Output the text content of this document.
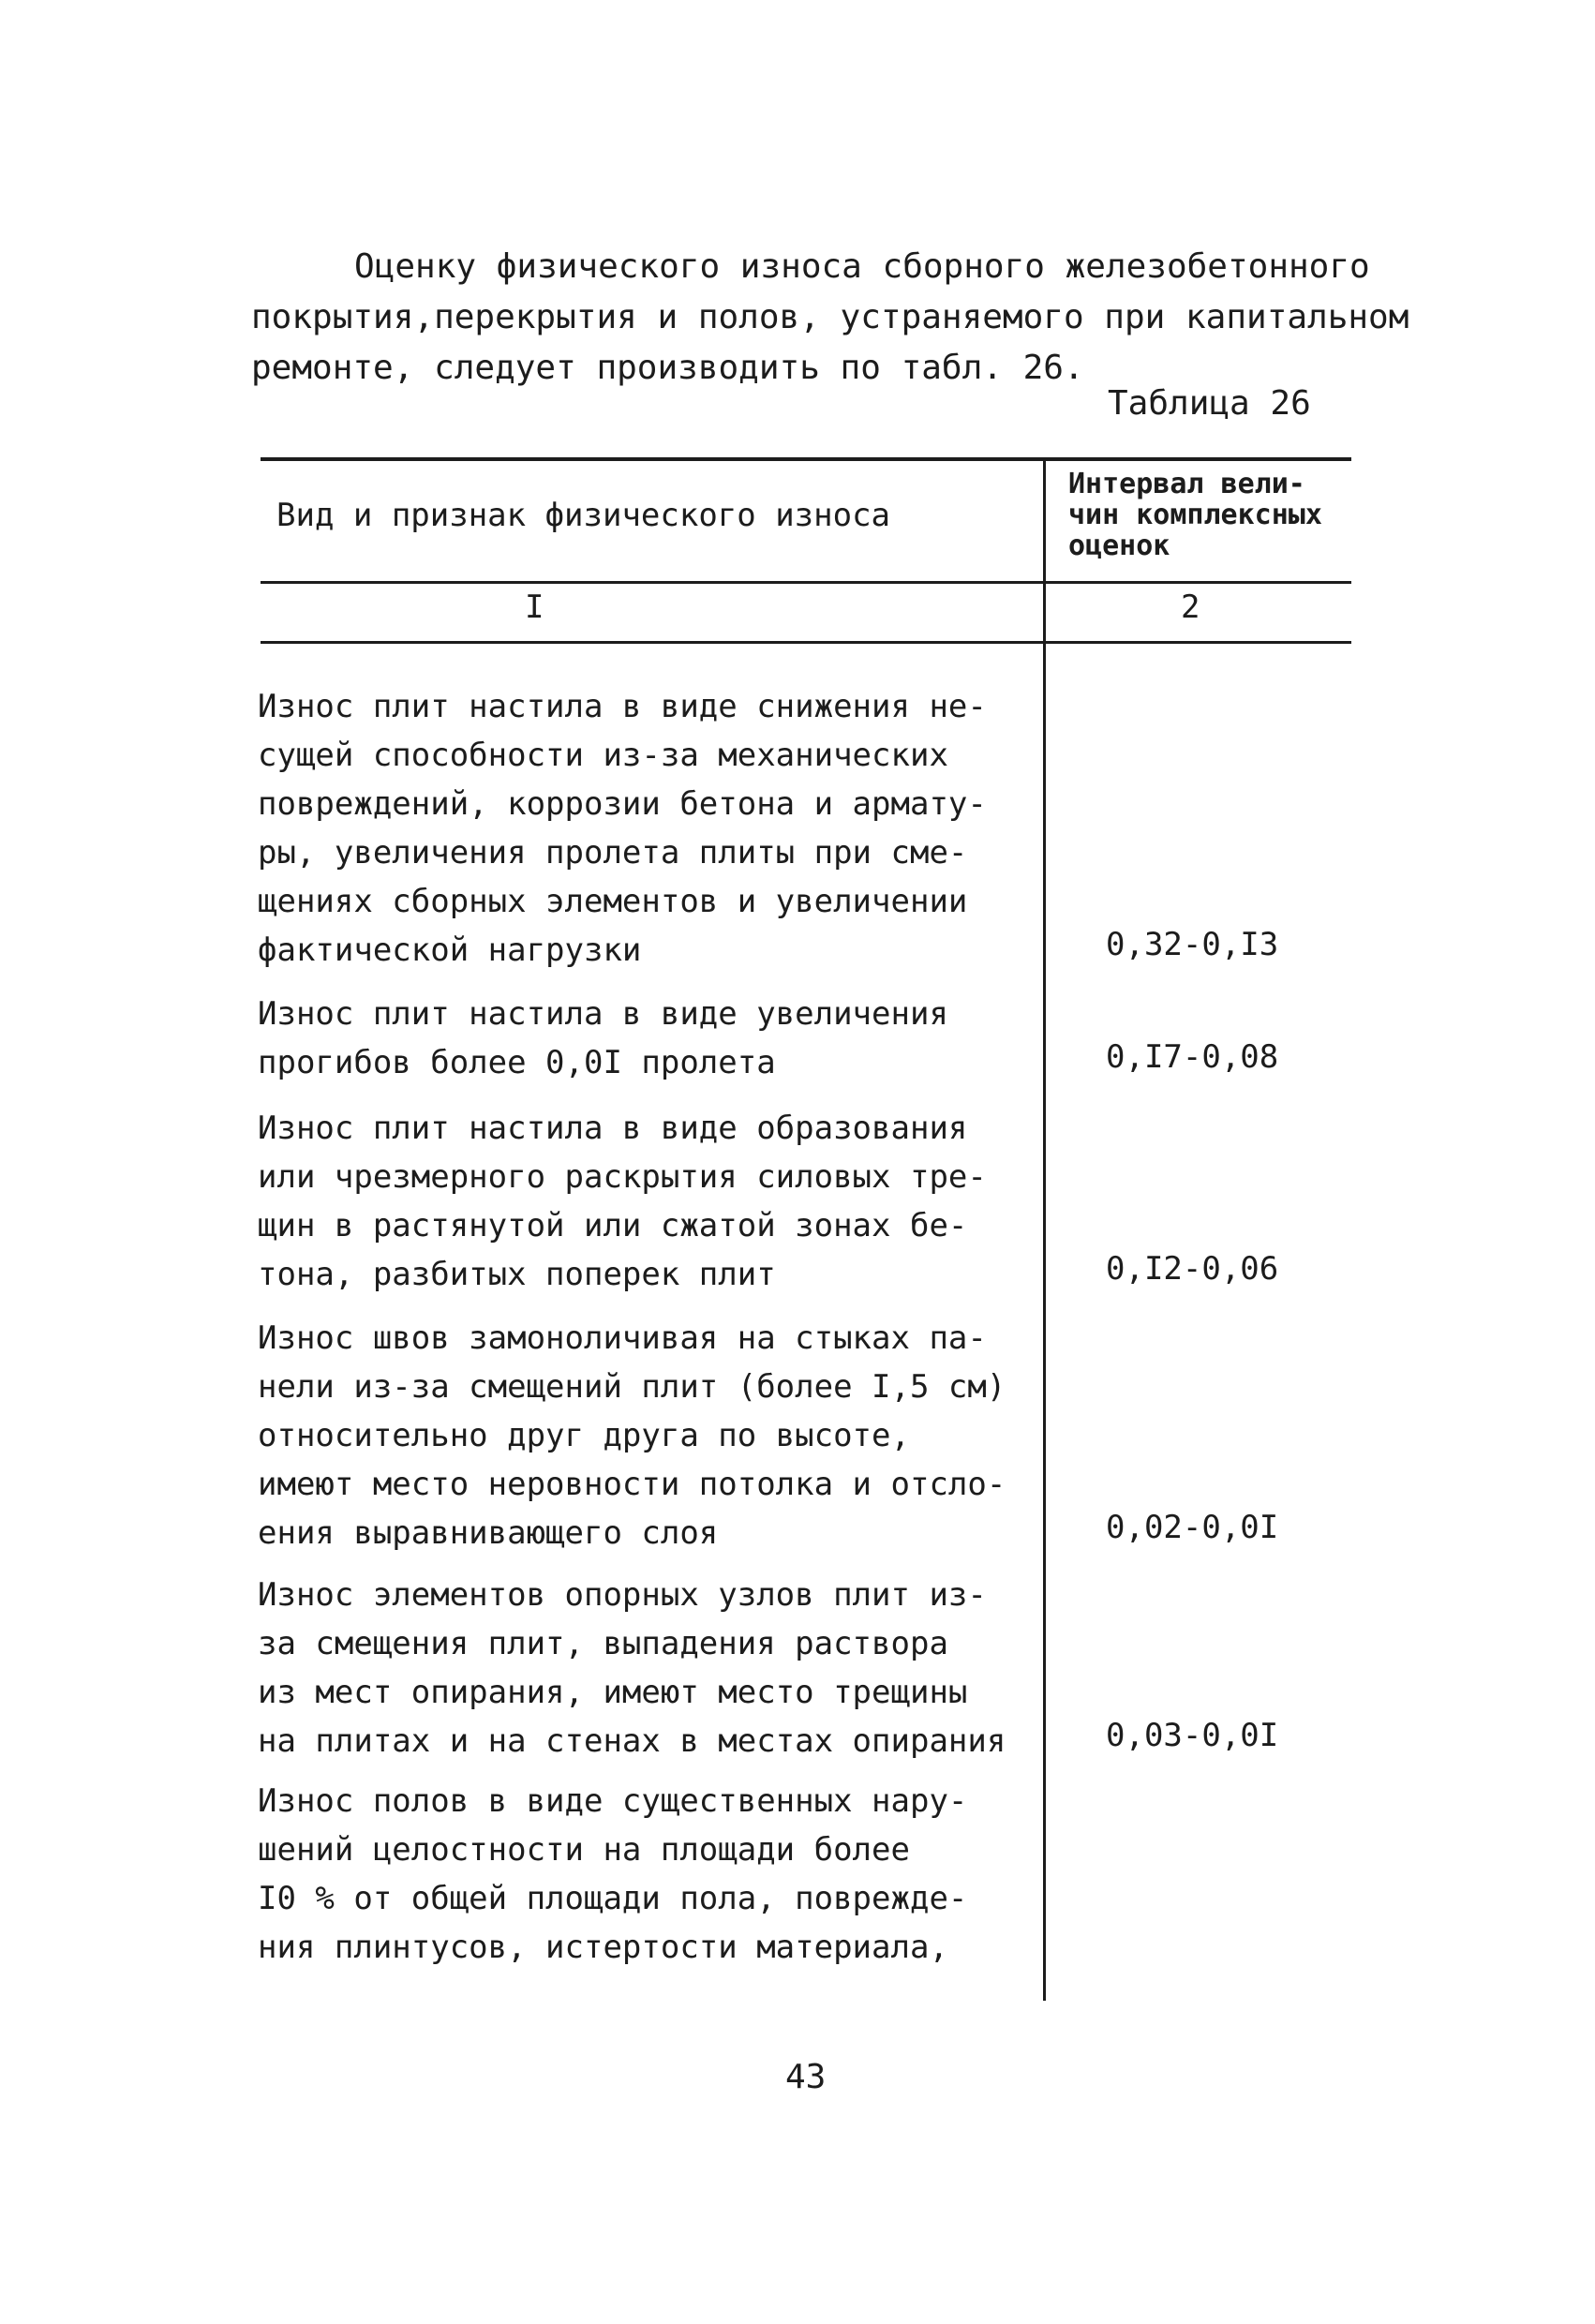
Оценку физического износа сборного железобетонного
покрытия,перекрытия и полов, устраняемого при капитальном
ремонте, следует производить по табл. 26.
Таблица 26
Вид и признак физического износа
Интервал вели-
чин комплексных
оценок
I	2
Износ плит настила в виде снижения не-
сущей способности из-за механических
повреждений, коррозии бетона и армату-
ры, увеличения пролета плиты при сме-
щениях сборных элементов и увеличении
фактической нагрузки	0,32-0,I3
Износ плит настила в виде увеличения
прогибов более 0,0I пролета	0,I7-0,08
Износ плит настила в виде образования
или чрезмерного раскрытия силовых тре-
щин в растянутой или сжатой зонах бе-
тона, разбитых поперек плит	0,I2-0,06
Износ швов замоноличивая на стыках па-
нели из-за смещений плит (более I,5 см)
относительно друг друга по высоте,
имеют место неровности потолка и отсло-
ения выравнивающего слоя	0,02-0,0I
Износ элементов опорных узлов плит из-
за смещения плит, выпадения раствора
из мест опирания, имеют место трещины
на плитах и на стенах в местах опирания	0,03-0,0I
Износ полов в виде существенных нару-
шений целостности на площади более
I0 % от общей площади пола, поврежде-
ния плинтусов, истертости материала,
43
